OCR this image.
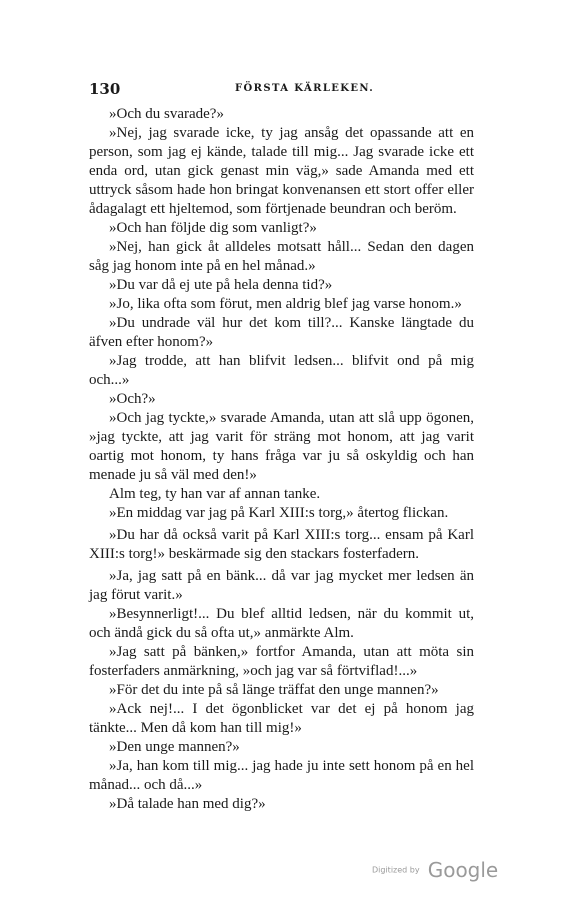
130	FÖRSTA KÄRLEKEN.

»Och du svarade?»

»Nej, jag svarade icke, ty jag ansåg det opassande att en person, som jag ej kände, talade till mig... Jag svarade icke ett enda ord, utan gick genast min väg,» sade Amanda med ett uttryck såsom hade hon bringat konvenansen ett stort offer eller ådagalagt ett hjeltemod, som förtjenade beundran och beröm.

»Och han följde dig som vanligt?»

»Nej, han gick åt alldeles motsatt håll... Sedan den dagen såg jag honom inte på en hel månad.»

»Du var då ej ute på hela denna tid?»

»Jo, lika ofta som förut, men aldrig blef jag varse honom.»

»Du undrade väl hur det kom till?... Kanske längtade du äfven efter honom?»

»Jag trodde, att han blifvit ledsen... blifvit ond på mig och...»

»Och?»

»Och jag tyckte,» svarade Amanda, utan att slå upp ögonen, »jag tyckte, att jag varit för sträng mot honom, att jag varit oartig mot honom, ty hans fråga var ju så oskyldig och han menade ju så väl med den!»

Alm teg, ty han var af annan tanke.

»En middag var jag på Karl XIII:s torg,» återtog flickan.

»Du har då också varit på Karl XIII:s torg... ensam på Karl XIII:s torg!» beskärmade sig den stackars fosterfadern.

»Ja, jag satt på en bänk... då var jag mycket mer ledsen än jag förut varit.»

»Besynnerligt!... Du blef alltid ledsen, när du kommit ut, och ändå gick du så ofta ut,» anmärkte Alm.

»Jag satt på bänken,» fortfor Amanda, utan att möta sin fosterfaders anmärkning, »och jag var så förtviflad!...»

»För det du inte på så länge träffat den unge mannen?»

»Ack nej!... I det ögonblicket var det ej på honom jag tänkte... Men då kom han till mig!»

»Den unge mannen?»

»Ja, han kom till mig... jag hade ju inte sett honom på en hel månad... och då...»

»Då talade han med dig?»

Digitized by Google
